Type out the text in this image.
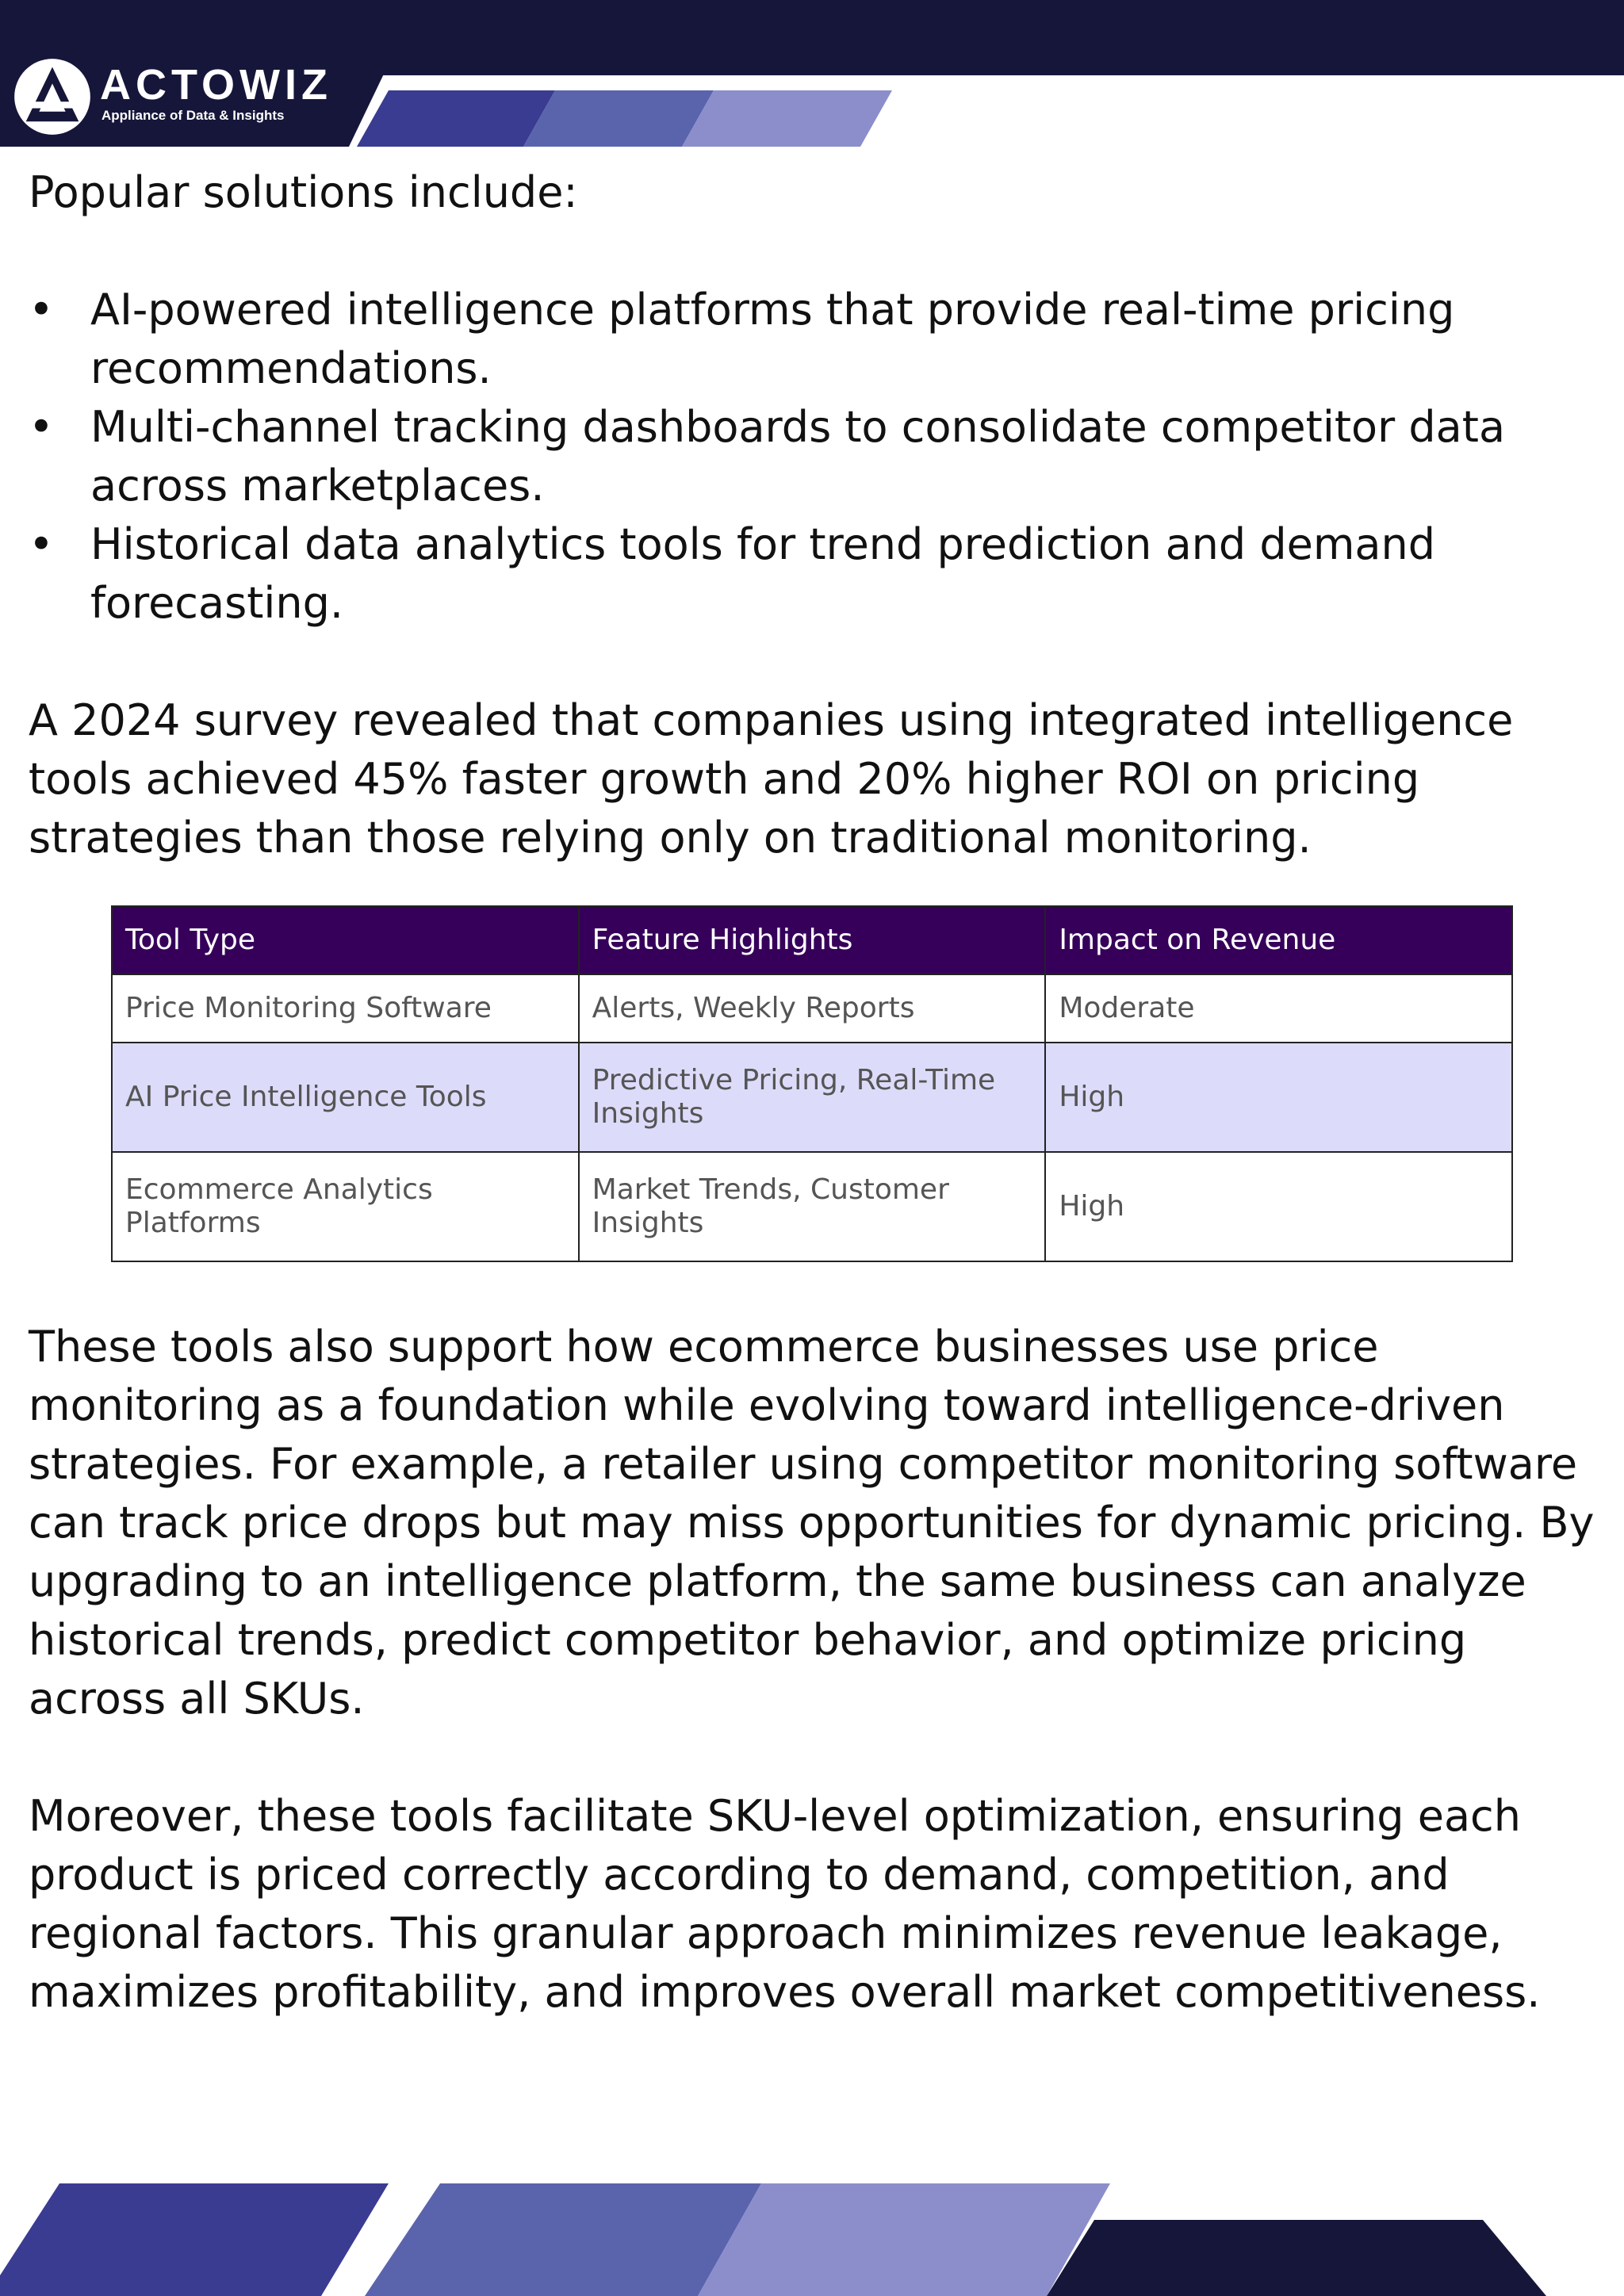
ACTOWIZ
Appliance of Data & Insights

Popular solutions include:

• AI-powered intelligence platforms that provide real-time pricing recommendations.
• Multi-channel tracking dashboards to consolidate competitor data across marketplaces.
• Historical data analytics tools for trend prediction and demand forecasting.

A 2024 survey revealed that companies using integrated intelligence tools achieved 45% faster growth and 20% higher ROI on pricing strategies than those relying only on traditional monitoring.

Tool Type	Feature Highlights	Impact on Revenue
Price Monitoring Software	Alerts, Weekly Reports	Moderate
AI Price Intelligence Tools	Predictive Pricing, Real-Time Insights	High
Ecommerce Analytics Platforms	Market Trends, Customer Insights	High

These tools also support how ecommerce businesses use price monitoring as a foundation while evolving toward intelligence-driven strategies. For example, a retailer using competitor monitoring software can track price drops but may miss opportunities for dynamic pricing. By upgrading to an intelligence platform, the same business can analyze historical trends, predict competitor behavior, and optimize pricing across all SKUs.

Moreover, these tools facilitate SKU-level optimization, ensuring each product is priced correctly according to demand, competition, and regional factors. This granular approach minimizes revenue leakage, maximizes profitability, and improves overall market competitiveness.
